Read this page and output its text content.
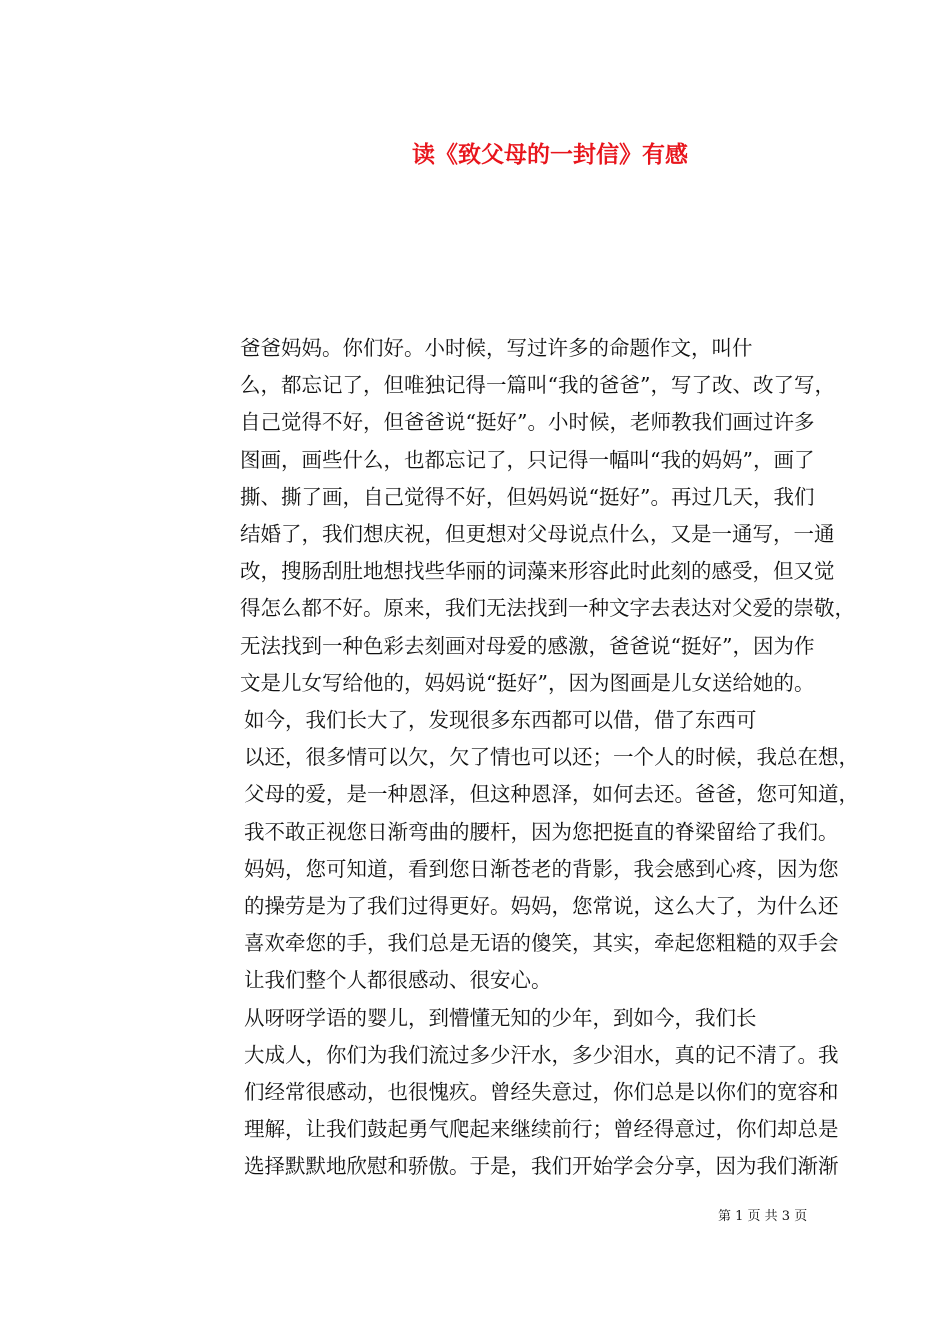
读《致父母的一封信》有感

爸爸妈妈。你们好。小时候，写过许多的命题作文，叫什
么，都忘记了，但唯独记得一篇叫“我的爸爸”，写了改、改了写，
自己觉得不好，但爸爸说“挺好”。小时候，老师教我们画过许多
图画，画些什么，也都忘记了，只记得一幅叫“我的妈妈”，画了
撕、撕了画，自己觉得不好，但妈妈说“挺好”。再过几天，我们
结婚了，我们想庆祝，但更想对父母说点什么，又是一通写，一通
改，搜肠刮肚地想找些华丽的词藻来形容此时此刻的感受，但又觉
得怎么都不好。原来，我们无法找到一种文字去表达对父爱的崇敬，
无法找到一种色彩去刻画对母爱的感激，爸爸说“挺好”，因为作
文是儿女写给他的，妈妈说“挺好”，因为图画是儿女送给她的。

如今，我们长大了，发现很多东西都可以借，借了东西可
以还，很多情可以欠，欠了情也可以还；一个人的时候，我总在想，
父母的爱，是一种恩泽，但这种恩泽，如何去还。爸爸，您可知道，
我不敢正视您日渐弯曲的腰杆，因为您把挺直的脊梁留给了我们。
妈妈，您可知道，看到您日渐苍老的背影，我会感到心疼，因为您
的操劳是为了我们过得更好。妈妈，您常说，这么大了，为什么还
喜欢牵您的手，我们总是无语的傻笑，其实，牵起您粗糙的双手会
让我们整个人都很感动、很安心。

从呀呀学语的婴儿，到懵懂无知的少年，到如今，我们长
大成人，你们为我们流过多少汗水，多少泪水，真的记不清了。我
们经常很感动，也很愧疚。曾经失意过，你们总是以你们的宽容和
理解，让我们鼓起勇气爬起来继续前行；曾经得意过，你们却总是
选择默默地欣慰和骄傲。于是，我们开始学会分享，因为我们渐渐

第 1 页 共 3 页
